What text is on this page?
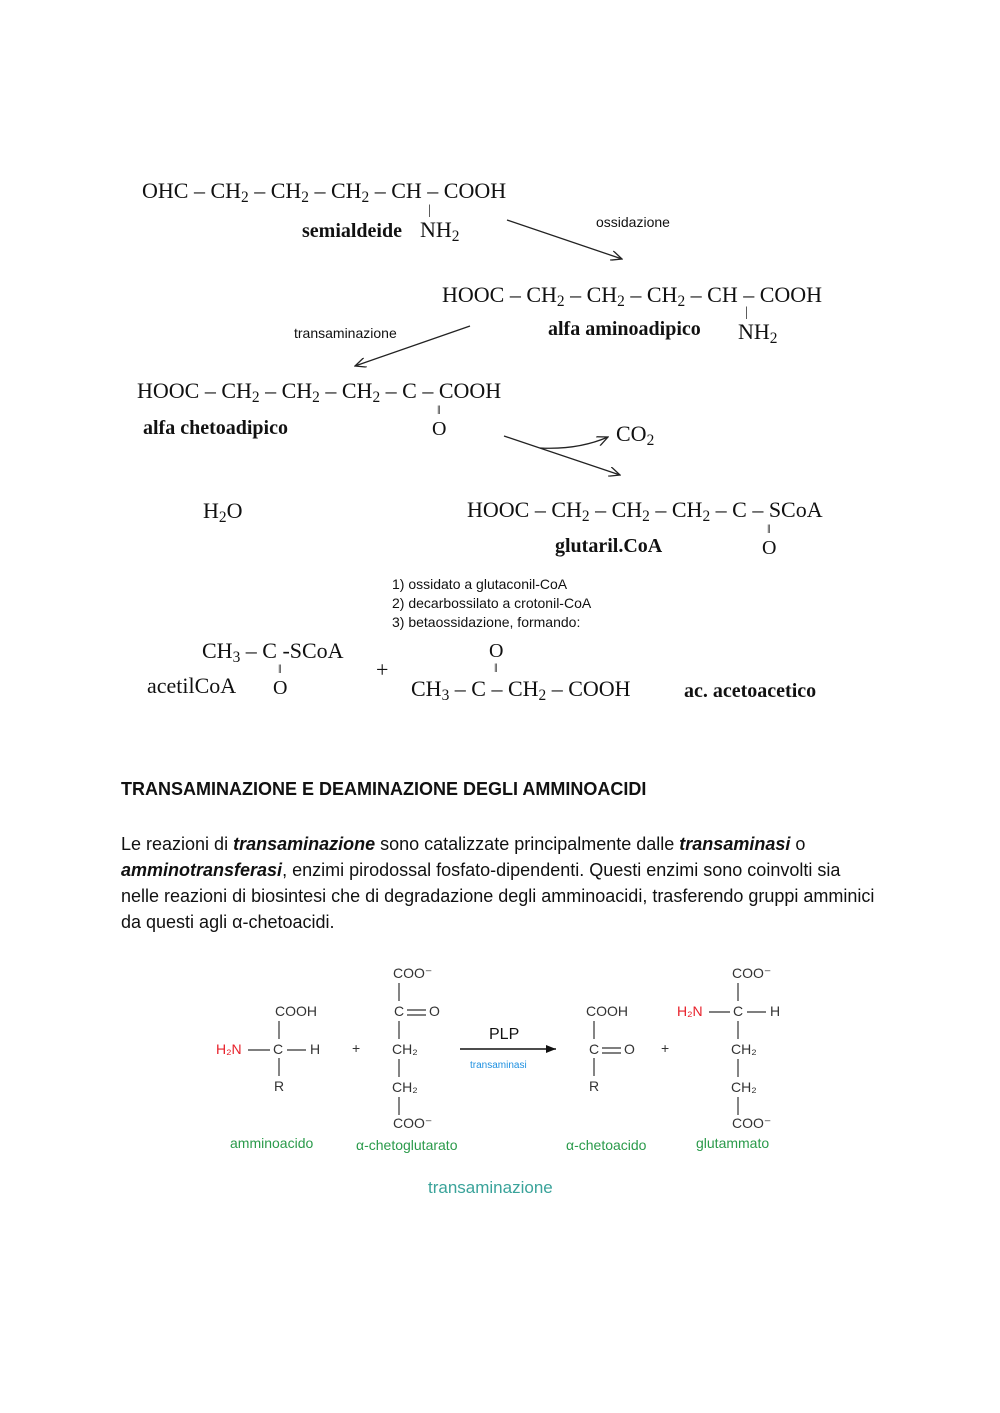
OHC – $CH_2 - CH_2 - CH_2$ – CH – COOH
|
$NH_2$
semialdeide	ossidazione
HOOC – $CH_2 - CH_2 - CH_2$ – CH – COOH
|
$NH_2$
alfa aminoadipico
transaminazione
HOOC – $CH_2 - CH_2 - CH_2$ – C – COOH
‖
O
alfa chetoadipico	$CO_2$
$H_2O$	HOOC – $CH_2 - CH_2 - CH_2$ – C – SCoA
‖
O
glutaril.CoA
1) ossidato a glutaconil-CoA
2) decarbossilato a crotonil-CoA
3) betaossidazione, formando:
$CH_3$ – C -SCoA
‖
O
acetilCoA
+
O
‖
$CH_3$ – C – $CH_2$ – COOH	ac. acetoacetico
TRANSAMINAZIONE E DEAMINAZIONE DEGLI AMMINOACIDI
Le reazioni di transaminazione sono catalizzate principalmente dalle transaminasi o amminotransferasi, enzimi pirodossal fosfato-dipendenti. Questi enzimi sono coinvolti sia nelle reazioni di biosintesi che di degradazione degli amminoacidi, trasferendo gruppi amminici da questi agli α-chetoacidi.
COOH
H₂N C H
R
+
COO⁻
C O
CH₂
CH₂
COO⁻
PLP
transaminasi
COOH
C O
R
+
COO⁻
H₂N C H
CH₂
CH₂
COO⁻
amminoacido	α-chetoglutarato	α-chetoacido	glutammato
transaminazione
